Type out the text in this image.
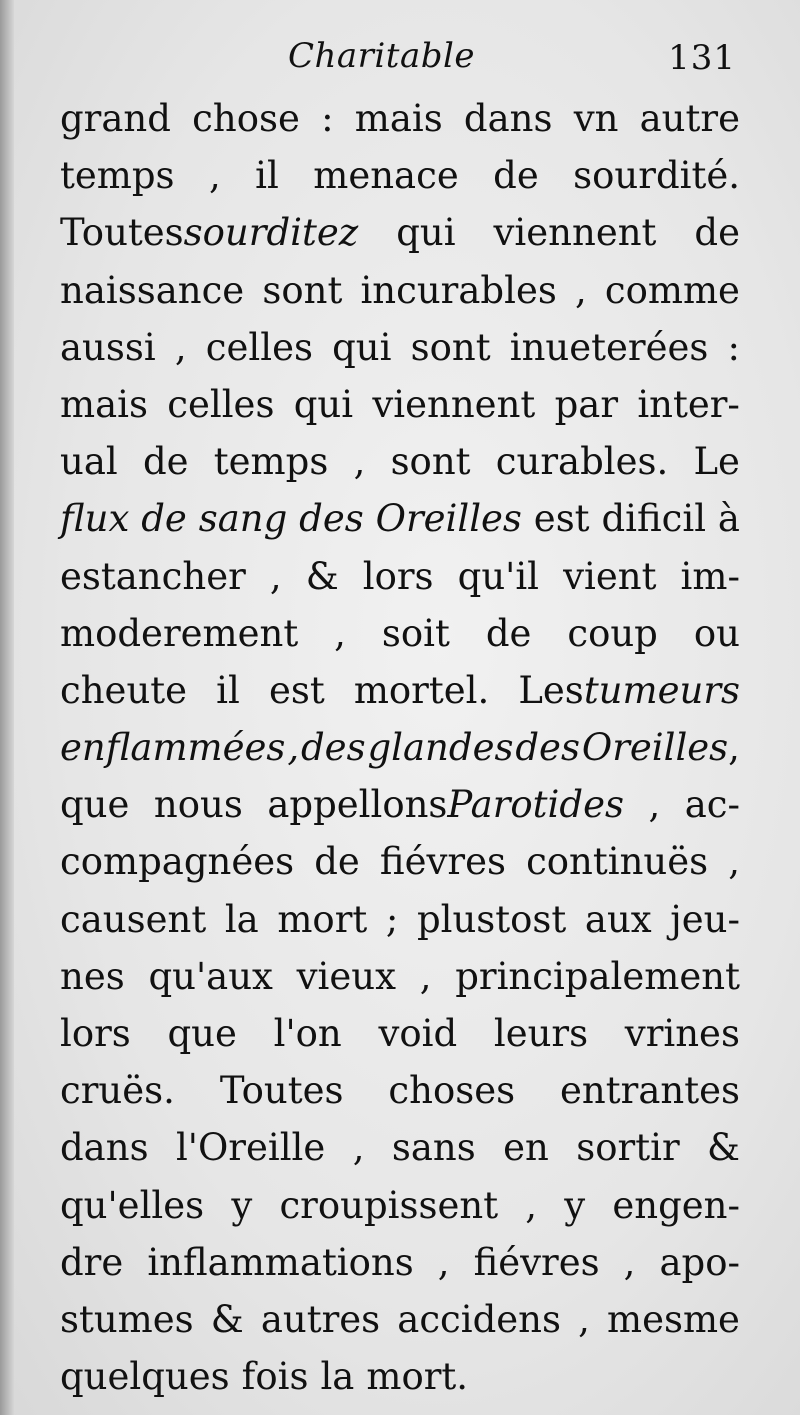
Charitable	131
grand chose : mais dans vn autre
temps , il menace de sourdité.
Toutessourditez qui viennent de
naissance sont incurables , comme
aussi , celles qui sont inueterées :
mais celles qui viennent par inter-
ual de temps , sont curables. Le
flux de sang des Oreilles est dificil à
estancher , & lors qu'il vient im-
moderement , soit de coup ou
cheute il est mortel. Lestumeurs
enflammées , des glandes des Oreilles,
que nous appellonsParotides , ac-
compagnées de fiévres continuës ,
causent la mort ; plustost aux jeu-
nes qu'aux vieux , principalement
lors que l'on void leurs vrines
cruës. Toutes choses entrantes
dans l'Oreille , sans en sortir &
qu'elles y croupissent , y engen-
dre inflammations , fiévres , apo-
stumes & autres accidens , mesme
quelques fois la mort.
